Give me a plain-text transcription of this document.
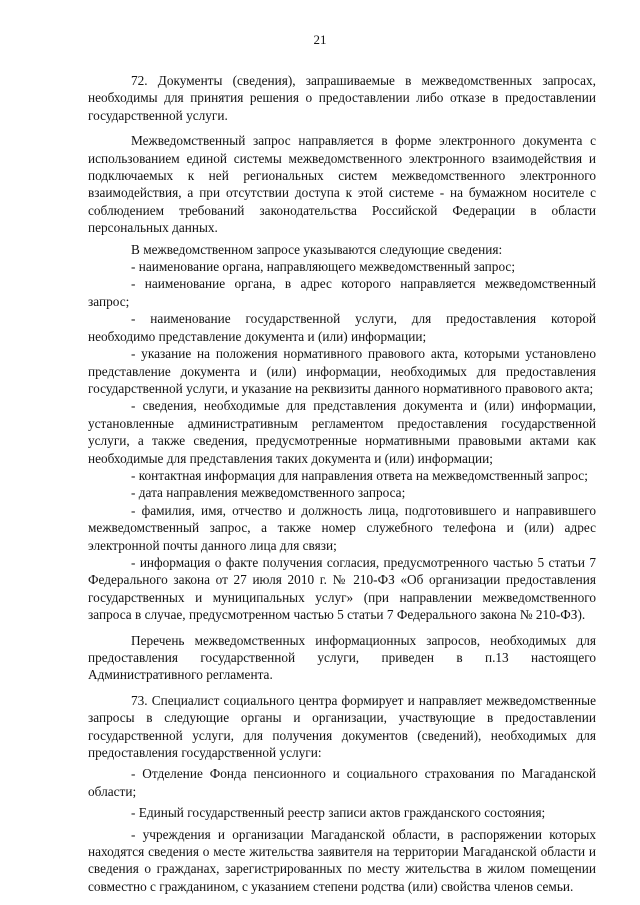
21

72. Документы (сведения), запрашиваемые в межведомственных запросах, необходимы для принятия решения о предоставлении либо отказе в предоставлении государственной услуги.

Межведомственный запрос направляется в форме электронного документа с использованием единой системы межведомственного электронного взаимодействия и подключаемых к ней региональных систем межведомственного электронного взаимодействия, а при отсутствии доступа к этой системе - на бумажном носителе с соблюдением требований законодательства Российской Федерации в области персональных данных.

В межведомственном запросе указываются следующие сведения:

- наименование органа, направляющего межведомственный запрос;

- наименование органа, в адрес которого направляется межведомственный запрос;

- наименование государственной услуги, для предоставления которой необходимо представление документа и (или) информации;

- указание на положения нормативного правового акта, которыми установлено представление документа и (или) информации, необходимых для предоставления государственной услуги, и указание на реквизиты данного нормативного правового акта;

- сведения, необходимые для представления документа и (или) информации, установленные административным регламентом предоставления государственной услуги, а также сведения, предусмотренные нормативными правовыми актами как необходимые для представления таких документа и (или) информации;

- контактная информация для направления ответа на межведомственный запрос;

- дата направления межведомственного запроса;

- фамилия, имя, отчество и должность лица, подготовившего и направившего межведомственный запрос, а также номер служебного телефона и (или) адрес электронной почты данного лица для связи;

- информация о факте получения согласия, предусмотренного частью 5 статьи 7 Федерального закона от 27 июля 2010 г. № 210-ФЗ «Об организации предоставления государственных и муниципальных услуг» (при направлении межведомственного запроса в случае, предусмотренном частью 5 статьи 7 Федерального закона № 210-ФЗ).

Перечень межведомственных информационных запросов, необходимых для предоставления государственной услуги, приведен в п.13 настоящего Административного регламента.

73. Специалист социального центра формирует и направляет межведомственные запросы в следующие органы и организации, участвующие в предоставлении государственной услуги, для получения документов (сведений), необходимых для предоставления государственной услуги:

- Отделение Фонда пенсионного и социального страхования по Магаданской области;

- Единый государственный реестр записи актов гражданского состояния;

- учреждения и организации Магаданской области, в распоряжении которых находятся сведения о месте жительства заявителя на территории Магаданской области и сведения о гражданах, зарегистрированных по месту жительства в жилом помещении совместно с гражданином, с указанием степени родства (или) свойства членов семьи.
